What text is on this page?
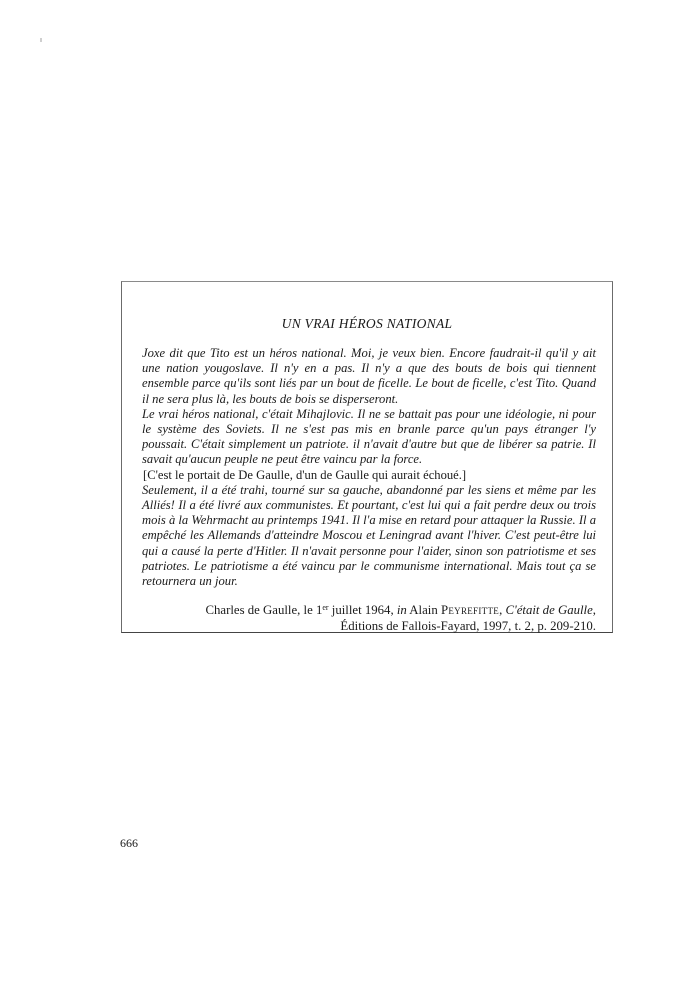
UN VRAI HÉROS NATIONAL

Joxe dit que Tito est un héros national. Moi, je veux bien. Encore faudrait-il qu'il y ait une nation yougoslave. Il n'y en a pas. Il n'y a que des bouts de bois qui tiennent ensemble parce qu'ils sont liés par un bout de ficelle. Le bout de ficelle, c'est Tito. Quand il ne sera plus là, les bouts de bois se disperseront.

Le vrai héros national, c'était Mihajlovic. Il ne se battait pas pour une idéologie, ni pour le système des Soviets. Il ne s'est pas mis en branle parce qu'un pays étranger l'y poussait. C'était simplement un patriote. il n'avait d'autre but que de libérer sa patrie. Il savait qu'aucun peuple ne peut être vaincu par la force.

[C'est le portait de De Gaulle, d'un de Gaulle qui aurait échoué.]

Seulement, il a été trahi, tourné sur sa gauche, abandonné par les siens et même par les Alliés! Il a été livré aux communistes. Et pourtant, c'est lui qui a fait perdre deux ou trois mois à la Wehrmacht au printemps 1941. Il l'a mise en retard pour attaquer la Russie. Il a empêché les Allemands d'atteindre Moscou et Leningrad avant l'hiver. C'est peut-être lui qui a causé la perte d'Hitler. Il n'avait personne pour l'aider, sinon son patriotisme et ses patriotes. Le patriotisme a été vaincu par le communisme international. Mais tout ça se retournera un jour.

Charles de Gaulle, le 1er juillet 1964, in Alain Peyrefitte, C'était de Gaulle,
Éditions de Fallois-Fayard, 1997, t. 2, p. 209-210.
666
